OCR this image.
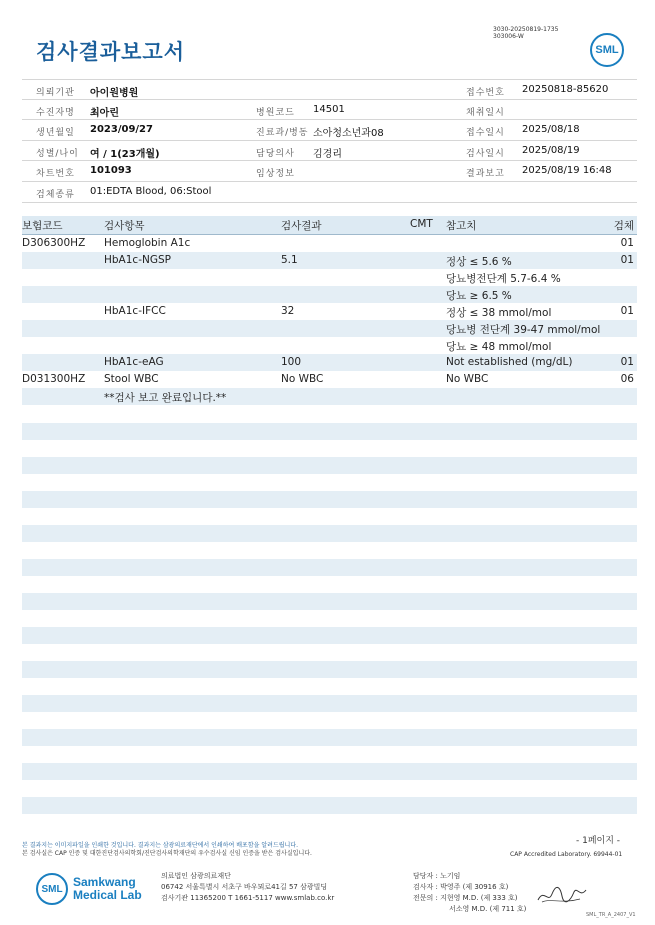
검사결과보고서
3030-20250819-1735
303006-W
SML
의뢰기관 아이원병원	접수번호 20250818-85620
수진자명 최아린	병원코드 14501	채취일시
생년월일 2023/09/27	진료과/병동 소아청소년과08	접수일시 2025/08/18
성별/나이 여 / 1(23개월)	담당의사 김경리	검사일시 2025/08/19
차트번호 101093	임상정보	결과보고 2025/08/19 16:48
검체종류 01:EDTA Blood, 06:Stool
보험코드	검사항목	검사결과	CMT 참고치	검체
D306300HZ Hemoglobin A1c	01
HbA1c-NGSP	5.1	정상 ≤ 5.6 %	01
당뇨병전단계 5.7-6.4 %
당뇨 ≥ 6.5 %
HbA1c-IFCC	32	정상 ≤ 38 mmol/mol	01
당뇨병 전단계 39-47 mmol/mol
당뇨 ≥ 48 mmol/mol
HbA1c-eAG	100	Not established (mg/dL)	01
D031300HZ Stool WBC	No WBC	No WBC	06
**검사 보고 완료입니다.**
- 1페이지 -
본 결과지는 이미지파일을 인쇄한 것입니다. 결과지는 삼광의료재단에서 인쇄하여 배포함을 알려드립니다.
본 검사실은 CAP 인증 및 대한진단검사의학회/진단검사의학재단의 우수검사실 신임 인증을 받은 검사실입니다.	CAP Accredited Laboratory. 69944-01
SML Samkwang
Medical Lab
의료법인 삼광의료재단
06742 서울특별시 서초구 바우뫼로41길 57 삼광빌딩
검사기관 11365200 T 1661-5117 www.smlab.co.kr
담당자 : 노기임
검사자 : 박영주 (제 30916 호)
전문의 : 지현영 M.D. (제 333 호)
서소영 M.D. (제 711 호)
SML_TR_A_2407_V1
